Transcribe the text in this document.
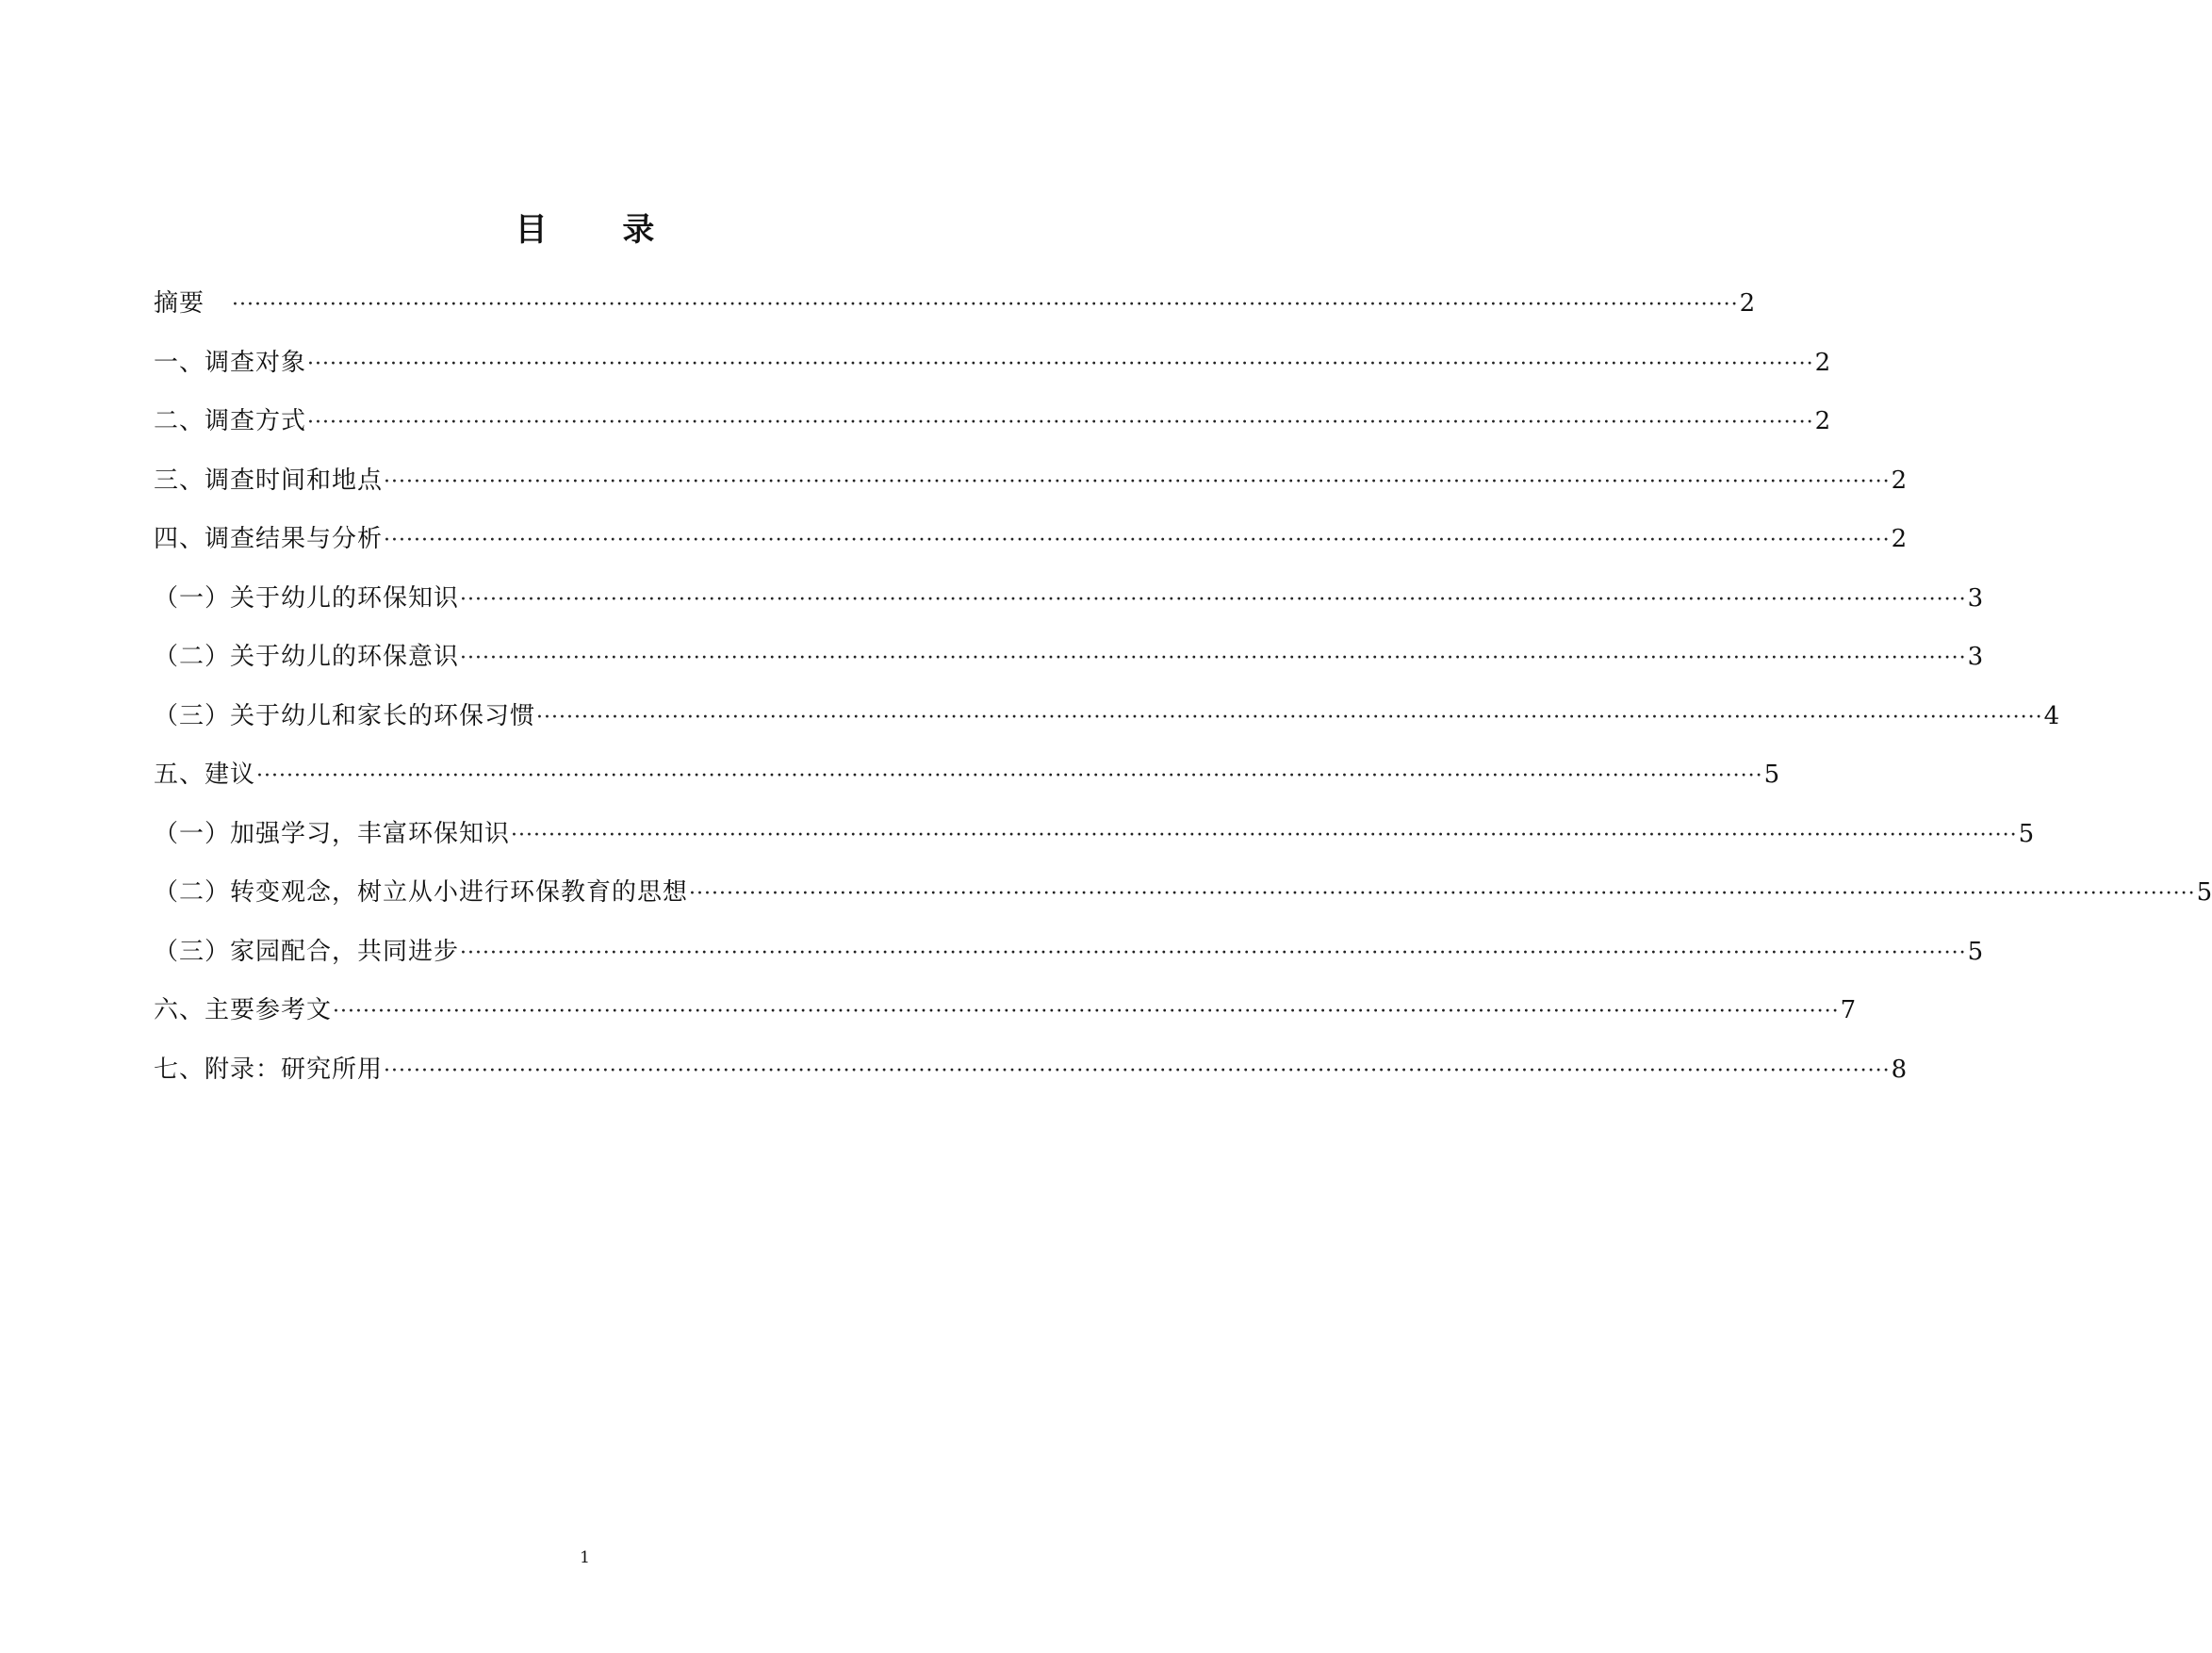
目 录
摘要 ········································································································································································································ 2
一、调查对象 ········································································································································································································ 2
二、调查方式 ········································································································································································································ 2
三、调查时间和地点 ········································································································································································································ 2
四、调查结果与分析 ········································································································································································································ 2
（一）关于幼儿的环保知识 ········································································································································································································ 3
（二）关于幼儿的环保意识 ········································································································································································································ 3
（三）关于幼儿和家长的环保习惯 ········································································································································································································ 4
五、建议 ········································································································································································································ 5
（一）加强学习，丰富环保知识 ········································································································································································································ 5
（二）转变观念，树立从小进行环保教育的思想 ········································································································································································································ 5
（三）家园配合，共同进步 ········································································································································································································ 5
六、主要参考文 ········································································································································································································ 7
七、附录：研究所用 ········································································································································································································ 8
1
